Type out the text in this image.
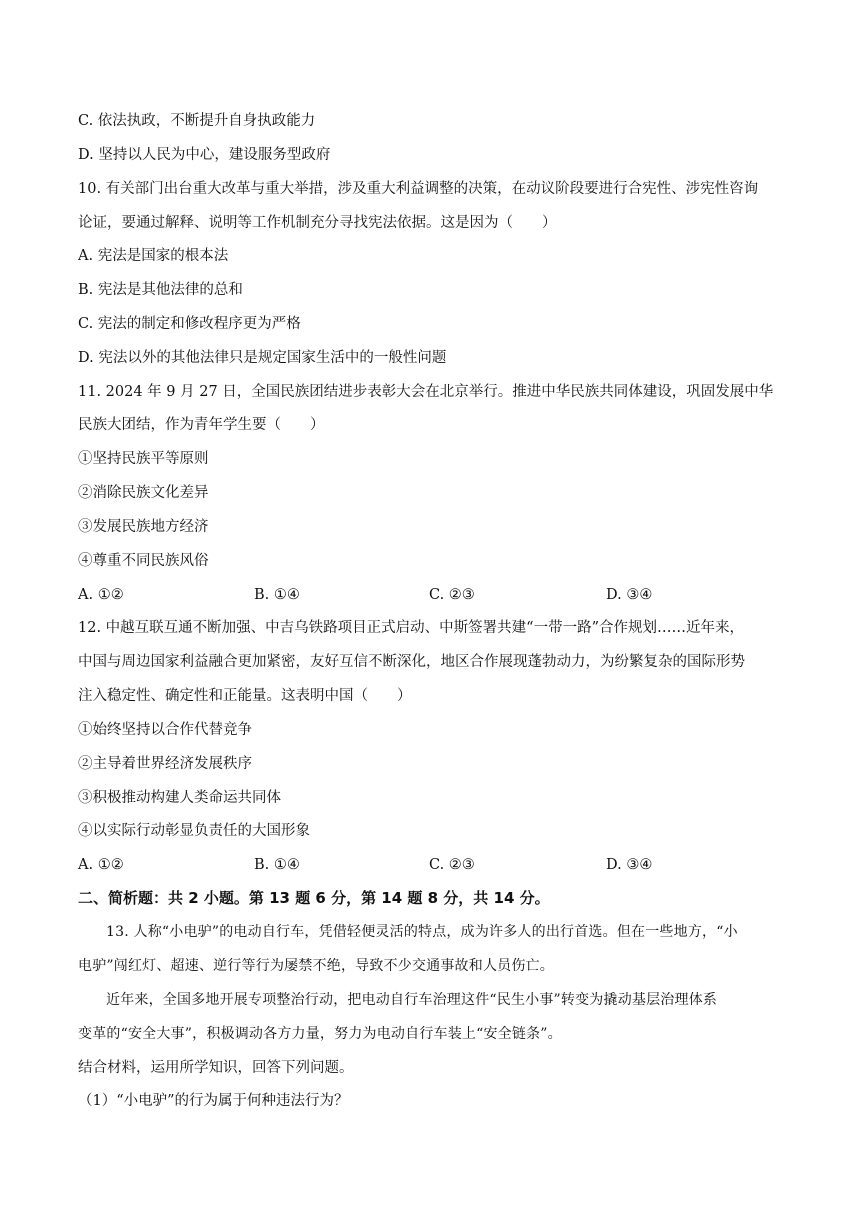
C. 依法执政，不断提升自身执政能力
D. 坚持以人民为中心，建设服务型政府
10. 有关部门出台重大改革与重大举措，涉及重大利益调整的决策，在动议阶段要进行合宪性、涉宪性咨询
论证，要通过解释、说明等工作机制充分寻找宪法依据。这是因为（　　）
A. 宪法是国家的根本法
B. 宪法是其他法律的总和
C. 宪法的制定和修改程序更为严格
D. 宪法以外的其他法律只是规定国家生活中的一般性问题
11. 2024 年 9 月 27 日，全国民族团结进步表彰大会在北京举行。推进中华民族共同体建设，巩固发展中华
民族大团结，作为青年学生要（　　）
①坚持民族平等原则
②消除民族文化差异
③发展民族地方经济
④尊重不同民族风俗
A. ①②	B. ①④	C. ②③	D. ③④
12. 中越互联互通不断加强、中吉乌铁路项目正式启动、中斯签署共建“一带一路”合作规划……近年来，
中国与周边国家利益融合更加紧密，友好互信不断深化，地区合作展现蓬勃动力，为纷繁复杂的国际形势
注入稳定性、确定性和正能量。这表明中国（　　）
①始终坚持以合作代替竞争
②主导着世界经济发展秩序
③积极推动构建人类命运共同体
④以实际行动彰显负责任的大国形象
A. ①②	B. ①④	C. ②③	D. ③④
二、简析题：共 2 小题。第 13 题 6 分，第 14 题 8 分，共 14 分。
13. 人称“小电驴”的电动自行车，凭借轻便灵活的特点，成为许多人的出行首选。但在一些地方，“小
电驴”闯红灯、超速、逆行等行为屡禁不绝，导致不少交通事故和人员伤亡。
近年来，全国多地开展专项整治行动，把电动自行车治理这件“民生小事”转变为撬动基层治理体系
变革的“安全大事”，积极调动各方力量，努力为电动自行车装上“安全链条”。
结合材料，运用所学知识，回答下列问题。
（1）“小电驴”的行为属于何种违法行为？
